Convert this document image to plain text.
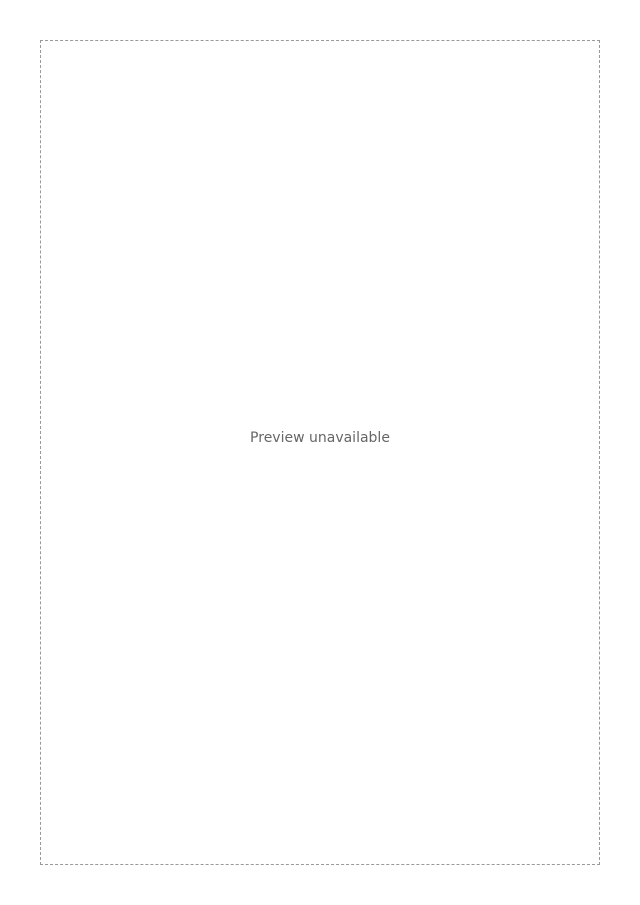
Preview unavailable
